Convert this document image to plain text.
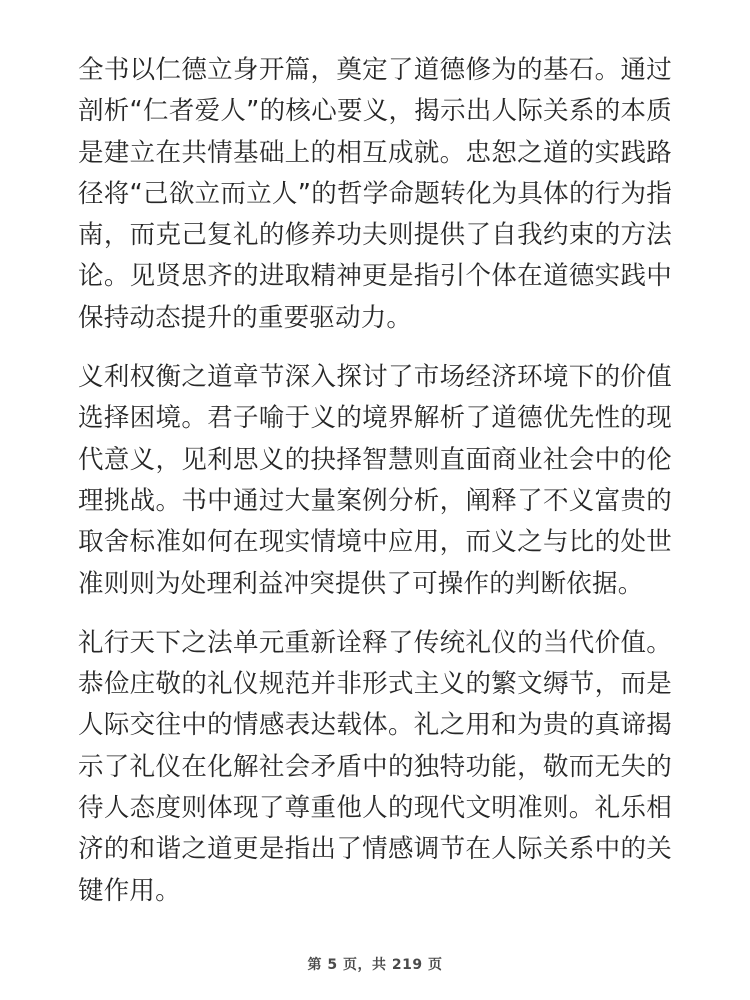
全书以仁德立身开篇，奠定了道德修为的基石。通过剖析“仁者爱人”的核心要义，揭示出人际关系的本质是建立在共情基础上的相互成就。忠恕之道的实践路径将“己欲立而立人”的哲学命题转化为具体的行为指南，而克己复礼的修养功夫则提供了自我约束的方法论。见贤思齐的进取精神更是指引个体在道德实践中保持动态提升的重要驱动力。

义利权衡之道章节深入探讨了市场经济环境下的价值选择困境。君子喻于义的境界解析了道德优先性的现代意义，见利思义的抉择智慧则直面商业社会中的伦理挑战。书中通过大量案例分析，阐释了不义富贵的取舍标准如何在现实情境中应用，而义之与比的处世准则则为处理利益冲突提供了可操作的判断依据。

礼行天下之法单元重新诠释了传统礼仪的当代价值。恭俭庄敬的礼仪规范并非形式主义的繁文缛节，而是人际交往中的情感表达载体。礼之用和为贵的真谛揭示了礼仪在化解社会矛盾中的独特功能，敬而无失的待人态度则体现了尊重他人的现代文明准则。礼乐相济的和谐之道更是指出了情感调节在人际关系中的关键作用。

第 5 页，共 219 页
